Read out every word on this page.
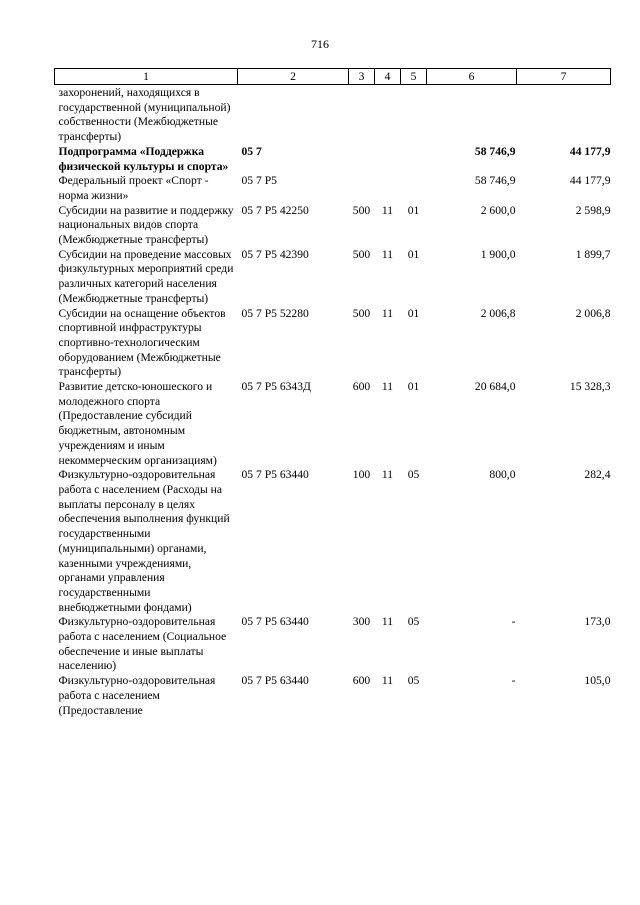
716
1	2	3	4	5	6	7
захоронений, находящихся в государственной (муниципальной) собственности (Межбюджетные трансферты)						
Подпрограмма «Поддержка физической культуры и спорта»	05 7				58 746,9	44 177,9
Федеральный проект «Спорт - норма жизни»	05 7 P5				58 746,9	44 177,9
Субсидии на развитие и поддержку национальных видов спорта (Межбюджетные трансферты)	05 7 P5 42250	500	11	01	2 600,0	2 598,9
Субсидии на проведение массовых физкультурных мероприятий среди различных категорий населения (Межбюджетные трансферты)	05 7 P5 42390	500	11	01	1 900,0	1 899,7
Субсидии на оснащение объектов спортивной инфраструктуры спортивно-технологическим оборудованием (Межбюджетные трансферты)	05 7 P5 52280	500	11	01	2 006,8	2 006,8
Развитие детско-юношеского и молодежного спорта (Предоставление субсидий бюджетным, автономным учреждениям и иным некоммерческим организациям)	05 7 P5 6343Д	600	11	01	20 684,0	15 328,3
Физкультурно-оздоровительная работа с населением (Расходы на выплаты персоналу в целях обеспечения выполнения функций государственными (муниципальными) органами, казенными учреждениями, органами управления государственными внебюджетными фондами)	05 7 P5 63440	100	11	05	800,0	282,4
Физкультурно-оздоровительная работа с населением (Социальное обеспечение и иные выплаты населению)	05 7 P5 63440	300	11	05	-	173,0
Физкультурно-оздоровительная работа с населением (Предоставление	05 7 P5 63440	600	11	05	-	105,0
